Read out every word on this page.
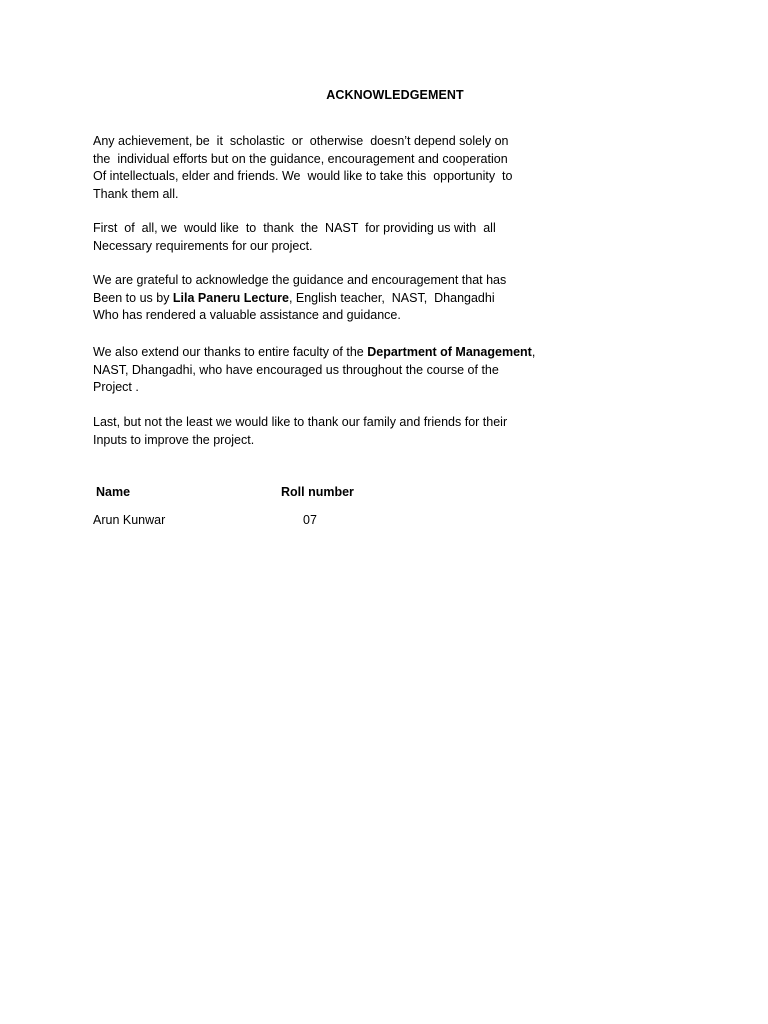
ACKNOWLEDGEMENT
Any achievement, be  it  scholastic  or  otherwise  doesn’t depend solely on
the  individual efforts but on the guidance, encouragement and cooperation
Of intellectuals, elder and friends. We  would like to take this  opportunity  to
Thank them all.
First  of  all, we  would like  to  thank  the  NAST  for providing us with  all
Necessary requirements for our project.
We are grateful to acknowledge the guidance and encouragement that has
Been to us by Lila Paneru Lecture, English teacher,  NAST,  Dhangadhi
Who has rendered a valuable assistance and guidance.
We also extend our thanks to entire faculty of the Department of Management,
NAST, Dhangadhi, who have encouraged us throughout the course of the
Project .
Last, but not the least we would like to thank our family and friends for their
Inputs to improve the project.
Name	Roll number
Arun Kunwar	07
